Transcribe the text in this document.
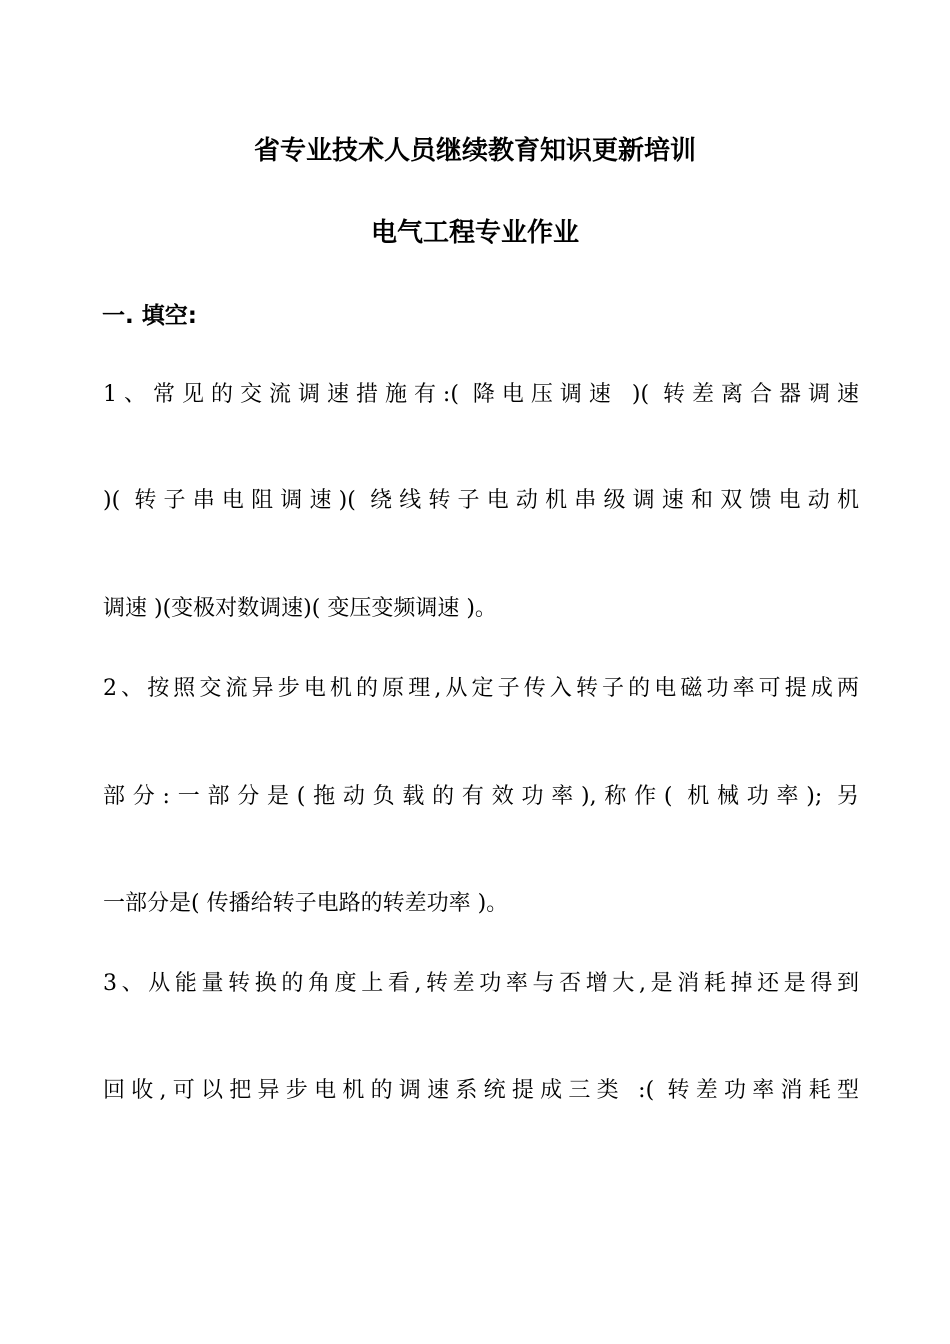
省专业技术人员继续教育知识更新培训
电气工程专业作业
一. 填空:
1、常见的交流调速措施有:( 降电压调速 )( 转差离合器调速
)( 转子串电阻调速)( 绕线转子电动机串级调速和双馈电动机
调速 )(变极对数调速)( 变压变频调速 )。
2、按照交流异步电机的原理,从定子传入转子的电磁功率可提成两
部分:一部分是(拖动负载的有效功率),称作( 机械功率); 另
一部分是( 传播给转子电路的转差功率 )。
3、从能量转换的角度上看,转差功率与否增大,是消耗掉还是得到
回收,可以把异步电机的调速系统提成三类 :( 转差功率消耗型
